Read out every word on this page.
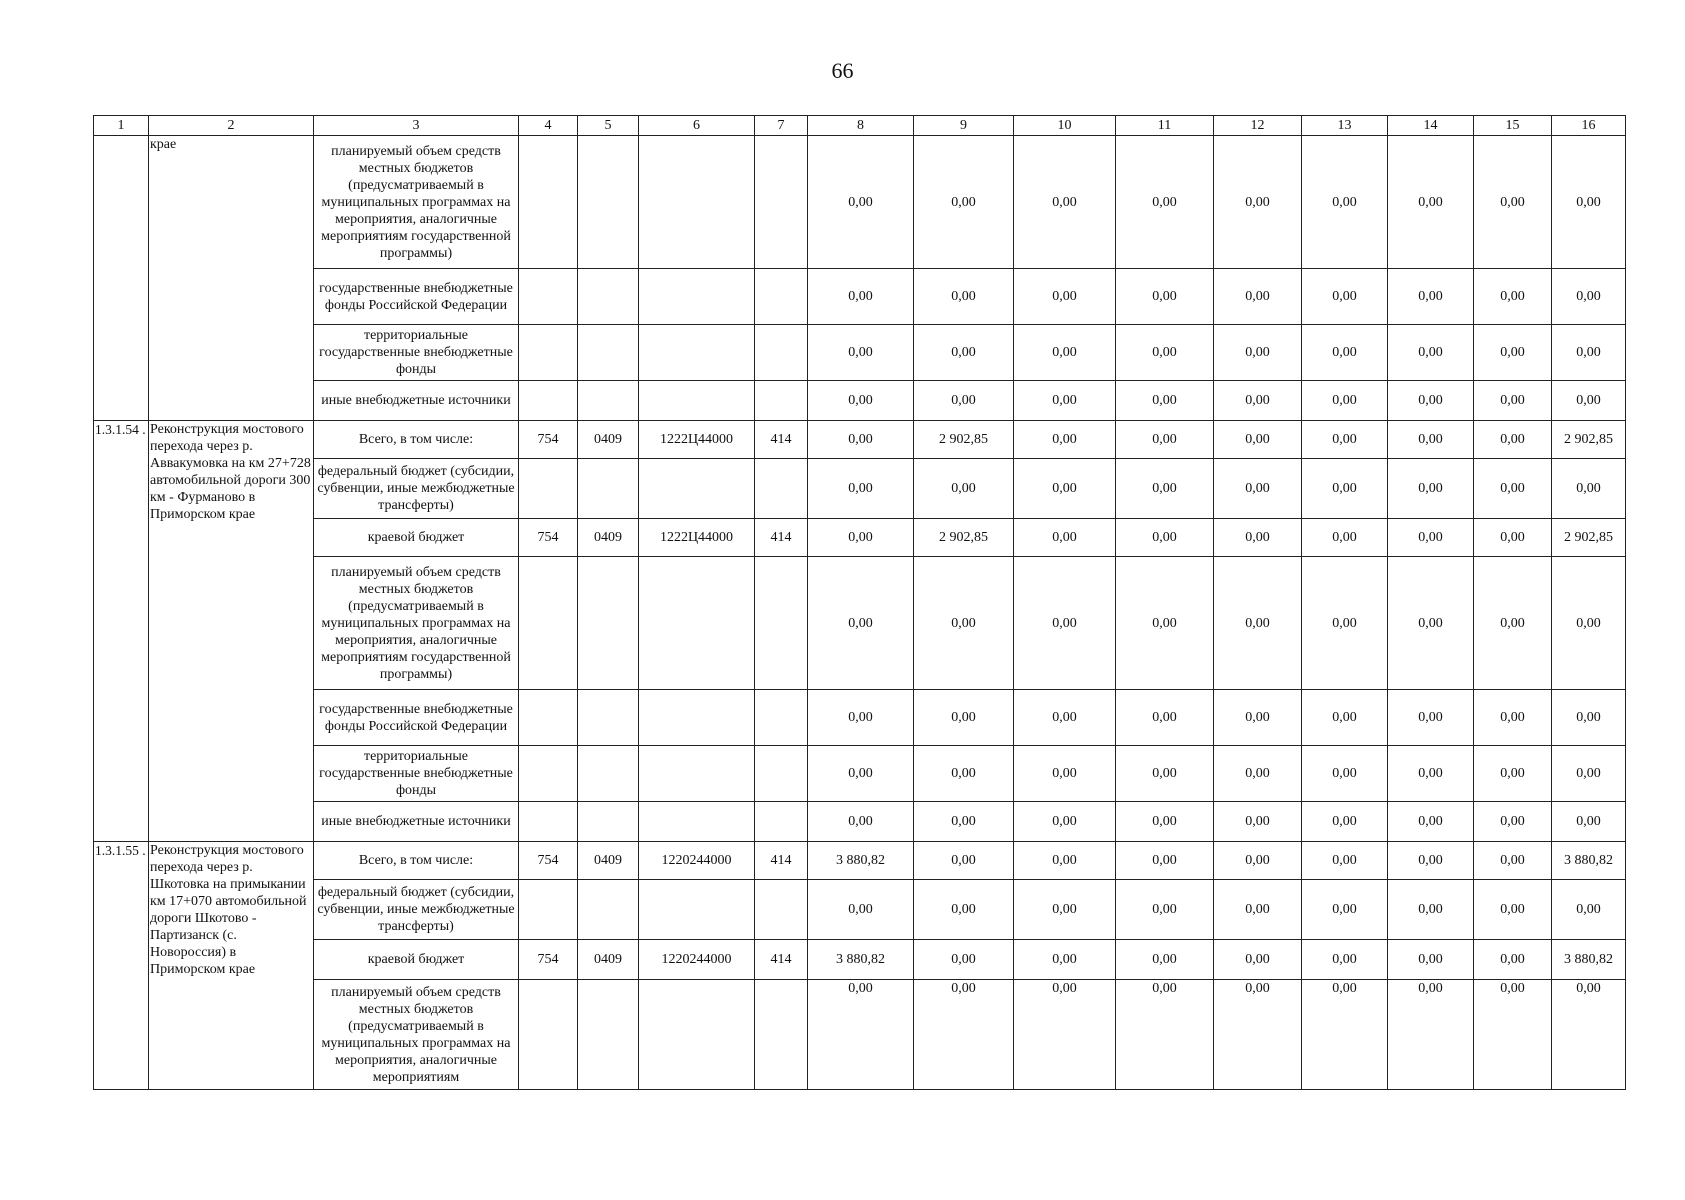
66
1	2	3	4	5	6	7	8	9	10	11	12	13	14	15	16
	крае	планируемый объем средств местных бюджетов (предусматриваемый в муниципальных программах на мероприятия, аналогичные мероприятиям государственной программы)					0,00	0,00	0,00	0,00	0,00	0,00	0,00	0,00	0,00
		государственные внебюджетные фонды Российской Федерации					0,00	0,00	0,00	0,00	0,00	0,00	0,00	0,00	0,00
		территориальные государственные внебюджетные фонды					0,00	0,00	0,00	0,00	0,00	0,00	0,00	0,00	0,00
		иные внебюджетные источники					0,00	0,00	0,00	0,00	0,00	0,00	0,00	0,00	0,00
1.3.1.54 .	Реконструкция мостового перехода через р. Аввакумовка на км 27+728 автомобильной дороги 300 км - Фурманово в Приморском крае	Всего, в том числе:	754	0409	1222Ц44000	414	0,00	2 902,85	0,00	0,00	0,00	0,00	0,00	0,00	2 902,85
		федеральный бюджет (субсидии, субвенции, иные межбюджетные трансферты)					0,00	0,00	0,00	0,00	0,00	0,00	0,00	0,00	0,00
		краевой бюджет	754	0409	1222Ц44000	414	0,00	2 902,85	0,00	0,00	0,00	0,00	0,00	0,00	2 902,85
		планируемый объем средств местных бюджетов (предусматриваемый в муниципальных программах на мероприятия, аналогичные мероприятиям государственной программы)					0,00	0,00	0,00	0,00	0,00	0,00	0,00	0,00	0,00
		государственные внебюджетные фонды Российской Федерации					0,00	0,00	0,00	0,00	0,00	0,00	0,00	0,00	0,00
		территориальные государственные внебюджетные фонды					0,00	0,00	0,00	0,00	0,00	0,00	0,00	0,00	0,00
		иные внебюджетные источники					0,00	0,00	0,00	0,00	0,00	0,00	0,00	0,00	0,00
1.3.1.55 .	Реконструкция мостового перехода через р. Шкотовка на примыкании км 17+070 автомобильной дороги Шкотово - Партизанск (с. Новороссия) в Приморском крае	Всего, в том числе:	754	0409	1220244000	414	3 880,82	0,00	0,00	0,00	0,00	0,00	0,00	0,00	3 880,82
		федеральный бюджет (субсидии, субвенции, иные межбюджетные трансферты)					0,00	0,00	0,00	0,00	0,00	0,00	0,00	0,00	0,00
		краевой бюджет	754	0409	1220244000	414	3 880,82	0,00	0,00	0,00	0,00	0,00	0,00	0,00	3 880,82
		планируемый объем средств местных бюджетов (предусматриваемый в муниципальных программах на мероприятия, аналогичные мероприятиям					0,00	0,00	0,00	0,00	0,00	0,00	0,00	0,00	0,00
